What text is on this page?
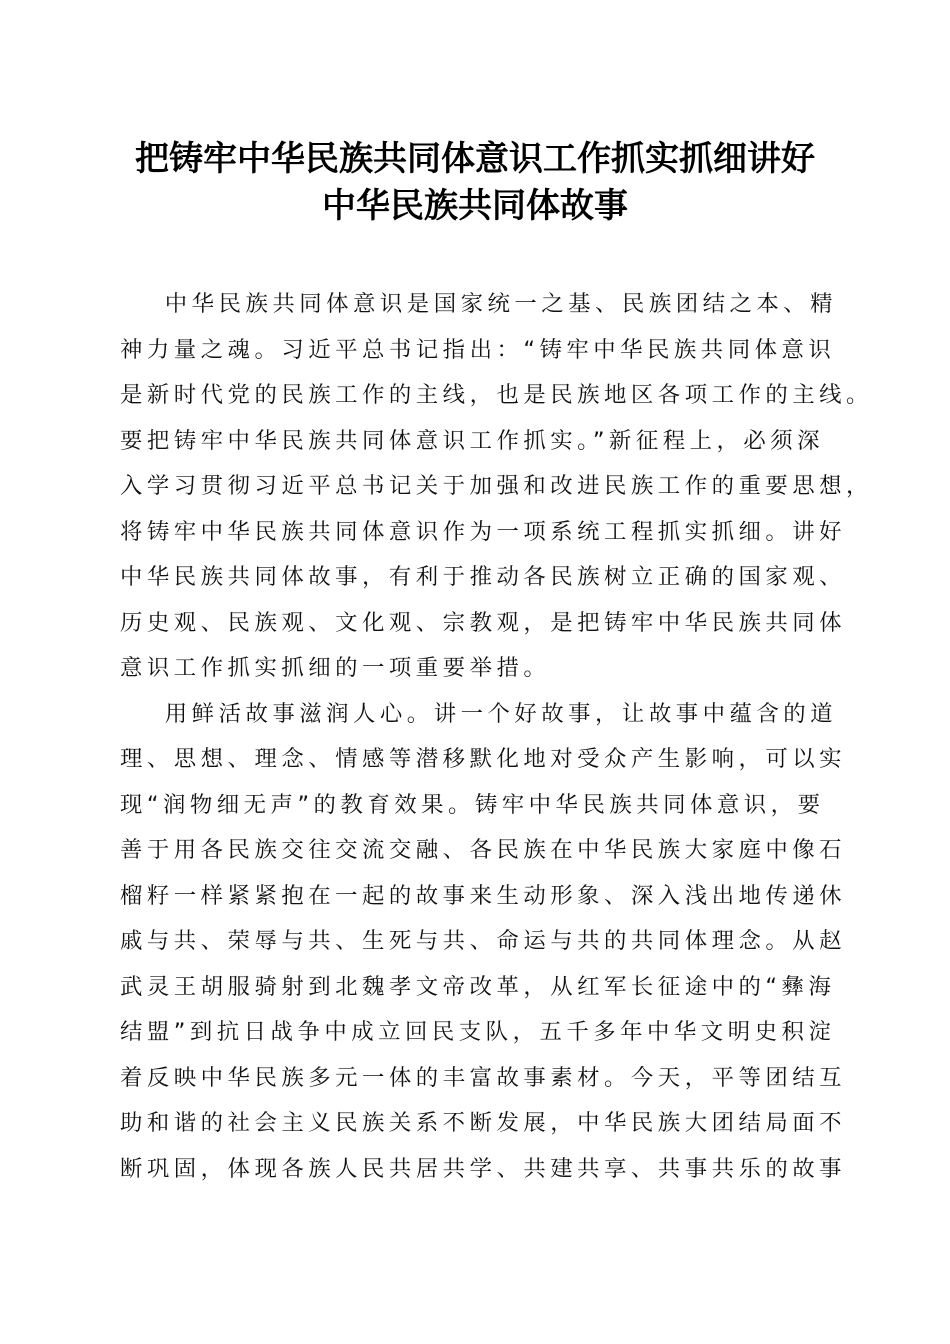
把铸牢中华民族共同体意识工作抓实抓细讲好
中华民族共同体故事

中华民族共同体意识是国家统一之基、民族团结之本、精
神力量之魂。习近平总书记指出：“铸牢中华民族共同体意识
是新时代党的民族工作的主线，也是民族地区各项工作的主线。
要把铸牢中华民族共同体意识工作抓实。”新征程上，必须深
入学习贯彻习近平总书记关于加强和改进民族工作的重要思想，
将铸牢中华民族共同体意识作为一项系统工程抓实抓细。讲好
中华民族共同体故事，有利于推动各民族树立正确的国家观、
历史观、民族观、文化观、宗教观，是把铸牢中华民族共同体
意识工作抓实抓细的一项重要举措。

用鲜活故事滋润人心。讲一个好故事，让故事中蕴含的道
理、思想、理念、情感等潜移默化地对受众产生影响，可以实
现“润物细无声”的教育效果。铸牢中华民族共同体意识，要
善于用各民族交往交流交融、各民族在中华民族大家庭中像石
榴籽一样紧紧抱在一起的故事来生动形象、深入浅出地传递休
戚与共、荣辱与共、生死与共、命运与共的共同体理念。从赵
武灵王胡服骑射到北魏孝文帝改革，从红军长征途中的“彝海
结盟”到抗日战争中成立回民支队，五千多年中华文明史积淀
着反映中华民族多元一体的丰富故事素材。今天，平等团结互
助和谐的社会主义民族关系不断发展，中华民族大团结局面不
断巩固，体现各族人民共居共学、共建共享、共事共乐的故事
